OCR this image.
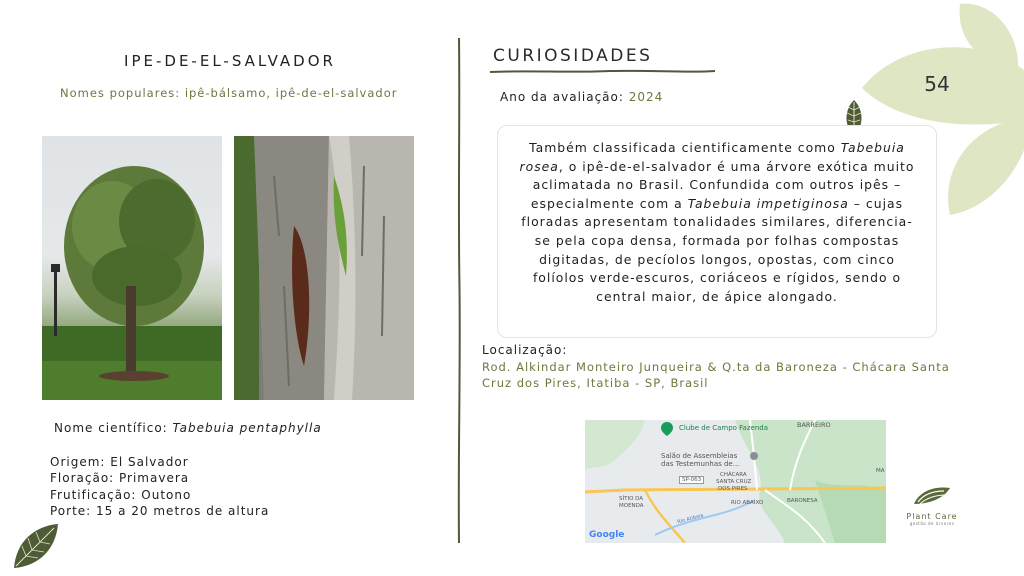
IPE-DE-EL-SALVADOR
Nomes populares: ipê-bálsamo, ipê-de-el-salvador
Nome científico: Tabebuia pentaphylla
Origem: El Salvador
Floração: Primavera
Frutificação: Outono
Porte: 15 a 20 metros de altura
CURIOSIDADES
Ano da avaliação: 2024
54
Também classificada cientificamente como Tabebuia rosea, o ipê-de-el-salvador é uma árvore exótica muito aclimatada no Brasil. Confundida com outros ipês – especialmente com a Tabebuia impetiginosa – cujas floradas apresentam tonalidades similares, diferencia-se pela copa densa, formada por folhas compostas digitadas, de pecíolos longos, opostas, com cinco folíolos verde-escuros, coriáceos e rígidos, sendo o central maior, de ápice alongado.
Localização:
Rod. Alkindar Monteiro Junqueira & Q.ta da Baroneza - Chácara Santa Cruz dos Pires, Itatiba - SP, Brasil
Clube de Campo Fazenda	BARREIRO
Salão de Assembleias
das Testemunhas de...
SP-063
CHÁCARA
SANTA CRUZ
DOS PIRES
SÍTIO DA
MOENDA	RIO ABAIXO	BARONESA
Rio Atibaia
MA
Google
Plant Care
gestão de árvores
